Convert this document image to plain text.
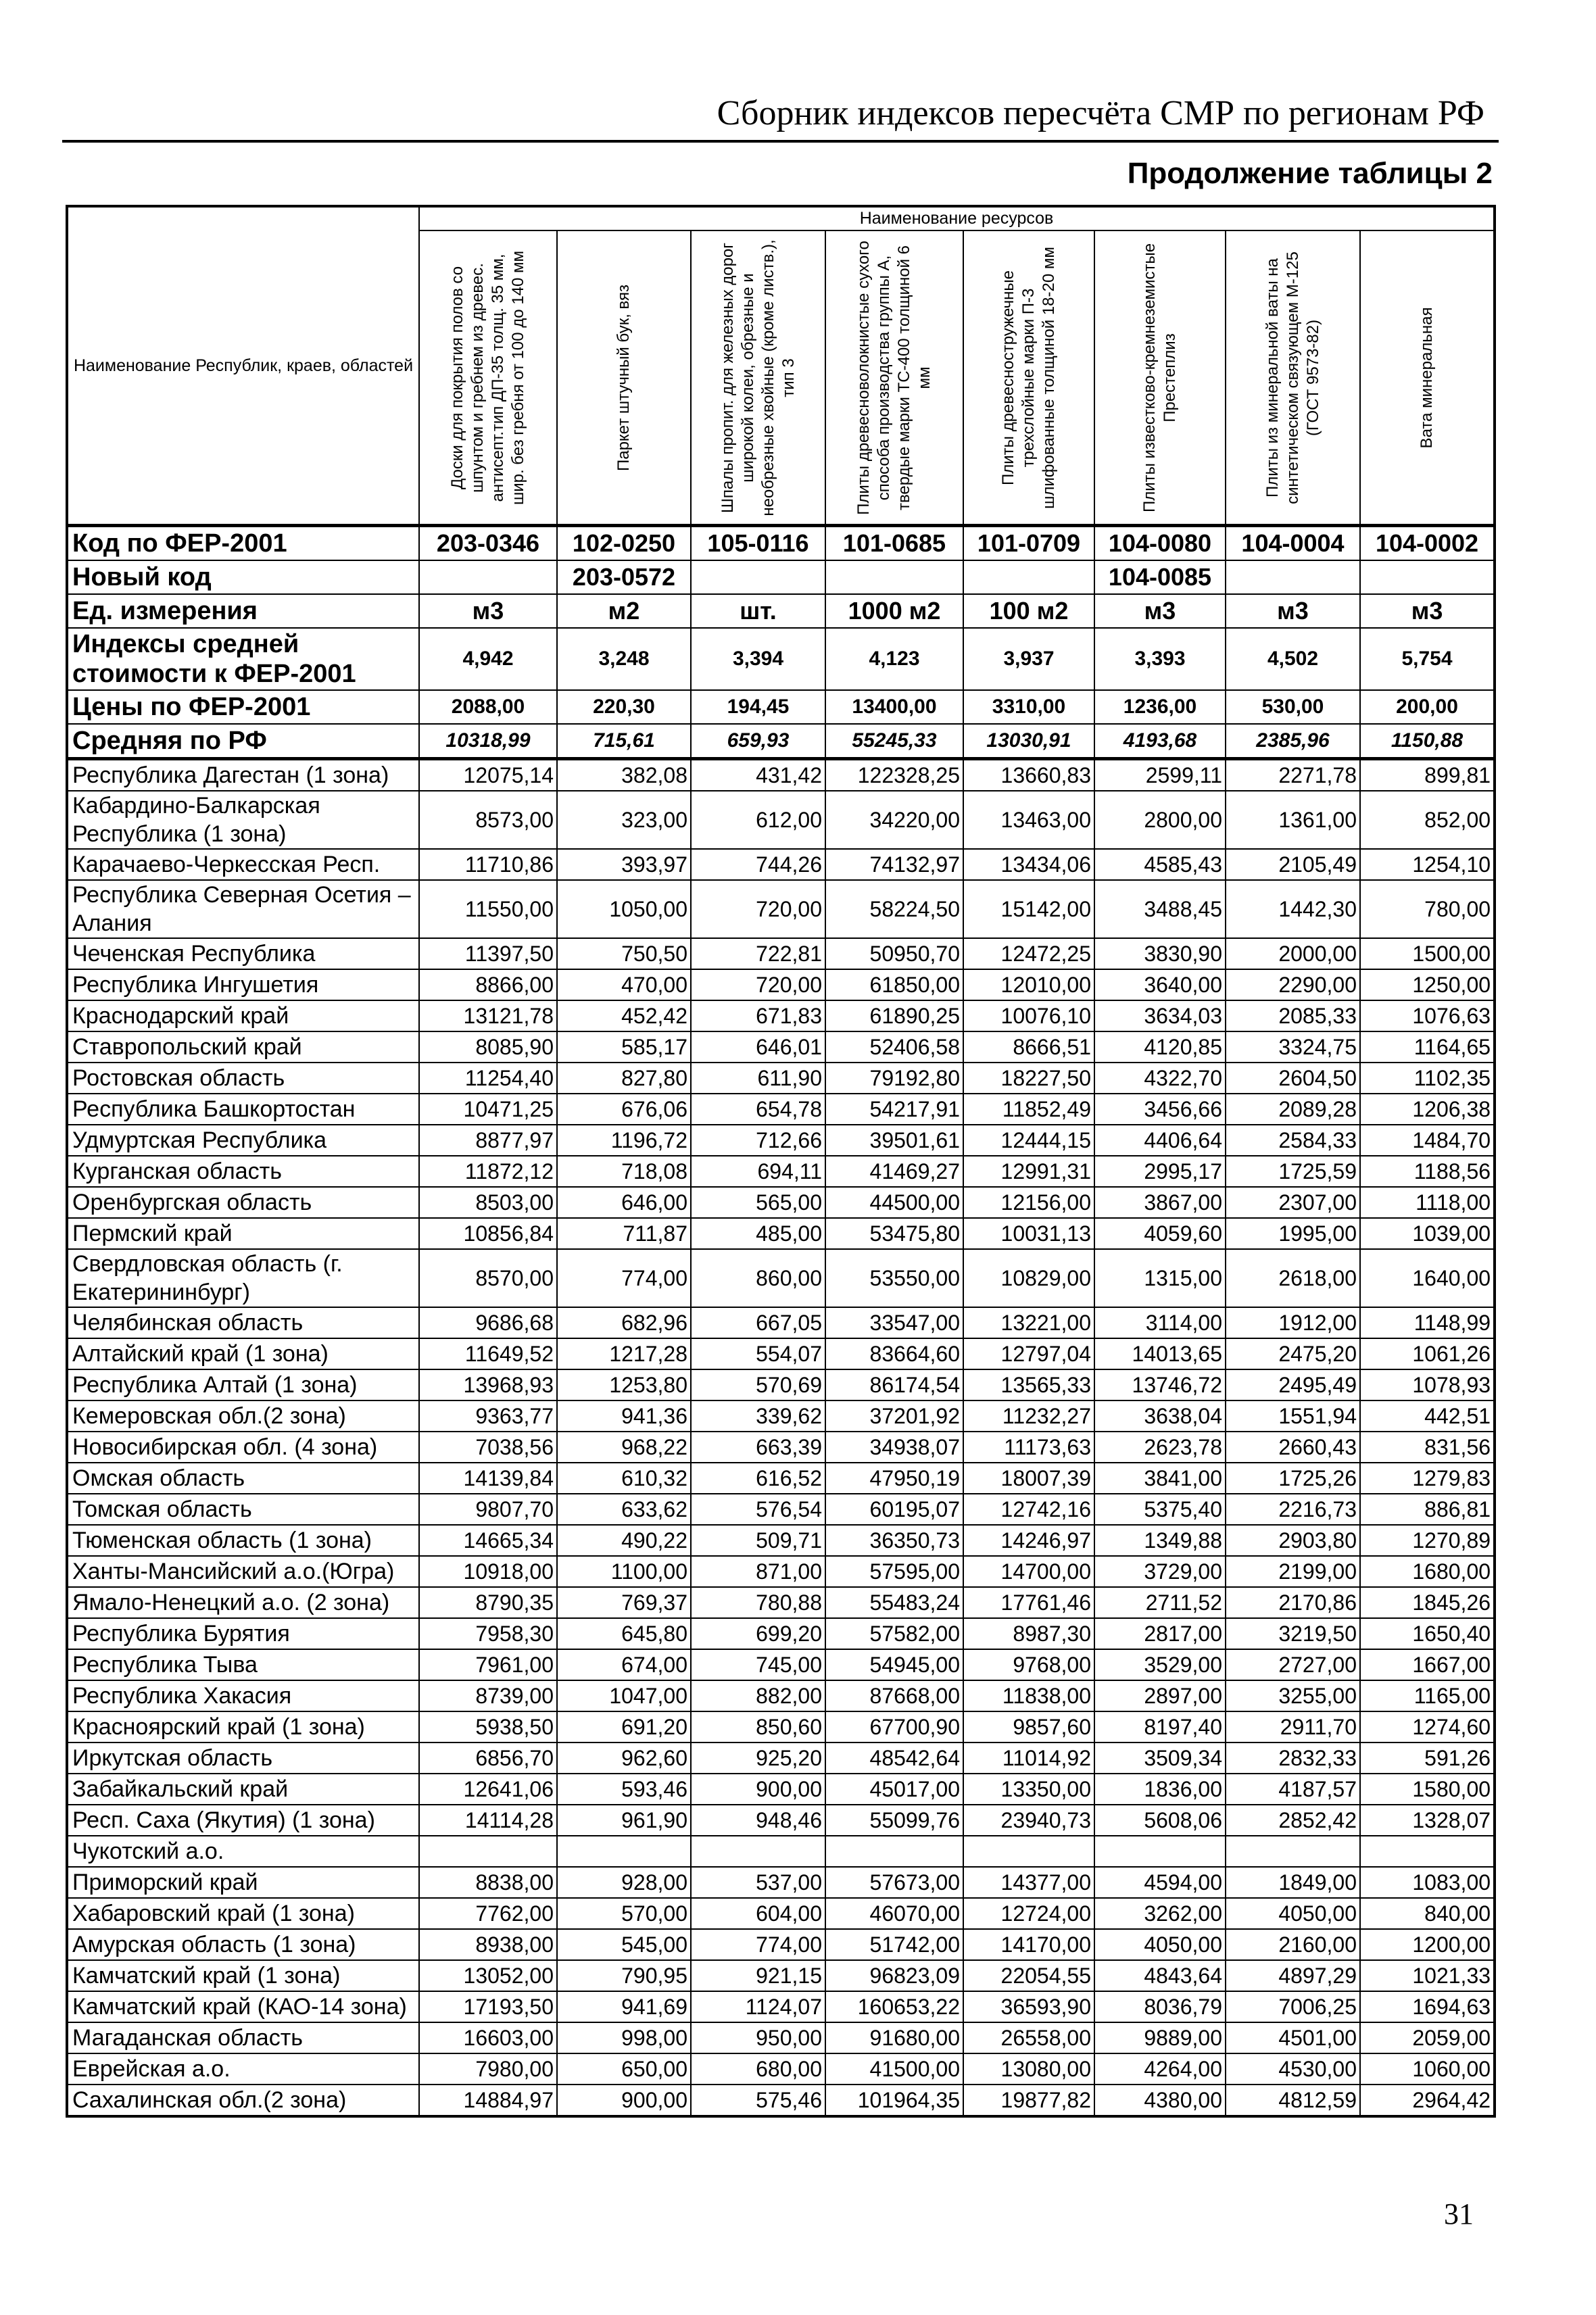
Сборник индексов пересчёта СМР по регионам РФ
Продолжение таблицы 2
Наименование Республик, краев, областей	Наименование ресурсов							

	Доски для покрытия полов со шпунтом и гребнем из древес. антисепт.тип ДП-35 толщ. 35 мм, шир. без гребня от 100 до 140 мм	Паркет штучный бук, вяз	Шпалы пропит. для железных дорог широкой колеи, обрезные и необрезные хвойные (кроме листв.), тип 3	Плиты древесноволокнистые сухого способа производства группы А, твердые марки ТС-400 толщиной 6 мм	Плиты древесностружечные трехслойные марки П-3 шлифованные толщиной 18-20 мм	Плиты известково-кремнеземистые Престеплиз	Плиты из минеральной ваты на синтетическом связующем М-125 (ГОСТ 9573-82)	Вата минеральная

Код по ФЕР-2001	203-0346	102-0250	105-0116	101-0685	101-0709	104-0080	104-0004	104-0002
Новый код		203-0572				104-0085		
Ед. измерения	м3	м2	шт.	1000 м2	100 м2	м3	м3	м3
Индексы средней стоимости к ФЕР-2001	4,942	3,248	3,394	4,123	3,937	3,393	4,502	5,754
Цены по ФЕР-2001	2088,00	220,30	194,45	13400,00	3310,00	1236,00	530,00	200,00
Средняя по РФ	10318,99	715,61	659,93	55245,33	13030,91	4193,68	2385,96	1150,88
Республика Дагестан (1 зона)	12075,14	382,08	431,42	122328,25	13660,83	2599,11	2271,78	899,81
Кабардино-Балкарская Республика (1 зона)	8573,00	323,00	612,00	34220,00	13463,00	2800,00	1361,00	852,00
Карачаево-Черкесская Респ.	11710,86	393,97	744,26	74132,97	13434,06	4585,43	2105,49	1254,10
Республика Северная Осетия – Алания	11550,00	1050,00	720,00	58224,50	15142,00	3488,45	1442,30	780,00
Чеченская Республика	11397,50	750,50	722,81	50950,70	12472,25	3830,90	2000,00	1500,00
Республика Ингушетия	8866,00	470,00	720,00	61850,00	12010,00	3640,00	2290,00	1250,00
Краснодарский край	13121,78	452,42	671,83	61890,25	10076,10	3634,03	2085,33	1076,63
Ставропольский край	8085,90	585,17	646,01	52406,58	8666,51	4120,85	3324,75	1164,65
Ростовская область	11254,40	827,80	611,90	79192,80	18227,50	4322,70	2604,50	1102,35
Республика Башкортостан	10471,25	676,06	654,78	54217,91	11852,49	3456,66	2089,28	1206,38
Удмуртская Республика	8877,97	1196,72	712,66	39501,61	12444,15	4406,64	2584,33	1484,70
Курганская область	11872,12	718,08	694,11	41469,27	12991,31	2995,17	1725,59	1188,56
Оренбургская область	8503,00	646,00	565,00	44500,00	12156,00	3867,00	2307,00	1118,00
Пермский край	10856,84	711,87	485,00	53475,80	10031,13	4059,60	1995,00	1039,00
Свердловская область (г. Екатерининбург)	8570,00	774,00	860,00	53550,00	10829,00	1315,00	2618,00	1640,00
Челябинская область	9686,68	682,96	667,05	33547,00	13221,00	3114,00	1912,00	1148,99
Алтайский край (1 зона)	11649,52	1217,28	554,07	83664,60	12797,04	14013,65	2475,20	1061,26
Республика Алтай (1 зона)	13968,93	1253,80	570,69	86174,54	13565,33	13746,72	2495,49	1078,93
Кемеровская обл.(2 зона)	9363,77	941,36	339,62	37201,92	11232,27	3638,04	1551,94	442,51
Новосибирская обл. (4 зона)	7038,56	968,22	663,39	34938,07	11173,63	2623,78	2660,43	831,56
Омская область	14139,84	610,32	616,52	47950,19	18007,39	3841,00	1725,26	1279,83
Томская область	9807,70	633,62	576,54	60195,07	12742,16	5375,40	2216,73	886,81
Тюменская область (1 зона)	14665,34	490,22	509,71	36350,73	14246,97	1349,88	2903,80	1270,89
Ханты-Мансийский а.о.(Югра)	10918,00	1100,00	871,00	57595,00	14700,00	3729,00	2199,00	1680,00
Ямало-Ненецкий а.о. (2 зона)	8790,35	769,37	780,88	55483,24	17761,46	2711,52	2170,86	1845,26
Республика Бурятия	7958,30	645,80	699,20	57582,00	8987,30	2817,00	3219,50	1650,40
Республика Тыва	7961,00	674,00	745,00	54945,00	9768,00	3529,00	2727,00	1667,00
Республика Хакасия	8739,00	1047,00	882,00	87668,00	11838,00	2897,00	3255,00	1165,00
Красноярский край (1 зона)	5938,50	691,20	850,60	67700,90	9857,60	8197,40	2911,70	1274,60
Иркутская область	6856,70	962,60	925,20	48542,64	11014,92	3509,34	2832,33	591,26
Забайкальский край	12641,06	593,46	900,00	45017,00	13350,00	1836,00	4187,57	1580,00
Респ. Саха (Якутия) (1 зона)	14114,28	961,90	948,46	55099,76	23940,73	5608,06	2852,42	1328,07
Чукотский а.о.								
Приморский край	8838,00	928,00	537,00	57673,00	14377,00	4594,00	1849,00	1083,00
Хабаровский край (1 зона)	7762,00	570,00	604,00	46070,00	12724,00	3262,00	4050,00	840,00
Амурская область (1 зона)	8938,00	545,00	774,00	51742,00	14170,00	4050,00	2160,00	1200,00
Камчатский край (1 зона)	13052,00	790,95	921,15	96823,09	22054,55	4843,64	4897,29	1021,33
Камчатский край (КАО-14 зона)	17193,50	941,69	1124,07	160653,22	36593,90	8036,79	7006,25	1694,63
Магаданская область	16603,00	998,00	950,00	91680,00	26558,00	9889,00	4501,00	2059,00
Еврейская а.о.	7980,00	650,00	680,00	41500,00	13080,00	4264,00	4530,00	1060,00
Сахалинская обл.(2 зона)	14884,97	900,00	575,46	101964,35	19877,82	4380,00	4812,59	2964,42
31
